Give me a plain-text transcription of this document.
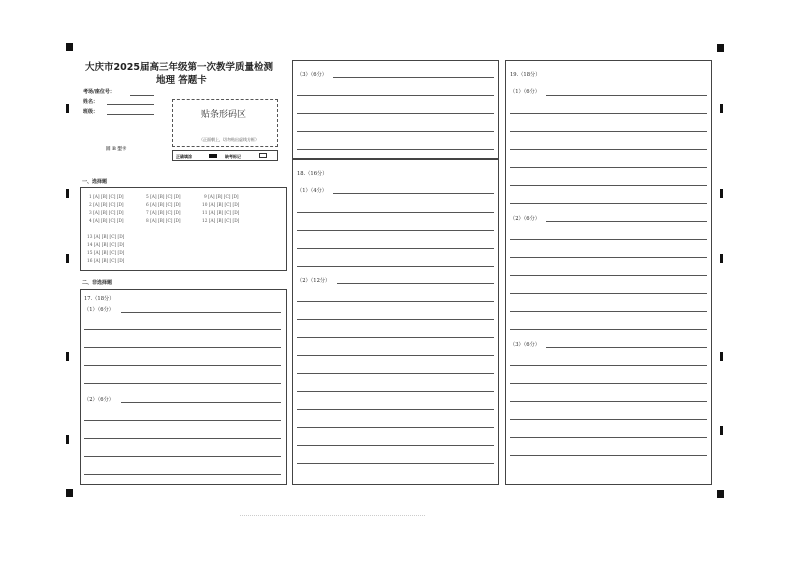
大庆市2025届高三年级第一次教学质量检测
地理 答题卡
考场/座位号：
姓名：
班级：	贴条形码区
（正面朝上，切勿贴出虚线方框）
回 B 型卡
正确填涂	缺考标记
一、选择题
1 [A] [B] [C] [D]	5 [A] [B] [C] [D]	9 [A] [B] [C] [D]
2 [A] [B] [C] [D]	6 [A] [B] [C] [D]	10 [A] [B] [C] [D]
3 [A] [B] [C] [D]	7 [A] [B] [C] [D]	11 [A] [B] [C] [D]
4 [A] [B] [C] [D]	8 [A] [B] [C] [D]	12 [A] [B] [C] [D]
13 [A] [B] [C] [D]
14 [A] [B] [C] [D]
15 [A] [B] [C] [D]
16 [A] [B] [C] [D]
二、非选择题
17.（18分）
（1）（6分）
（2）（6分）
（3）（6分）
18.（16分）
（1）（4分）
（2）（12分）
19.（18分）
（1）（6分）
（2）（6分）
（3）（6分）
